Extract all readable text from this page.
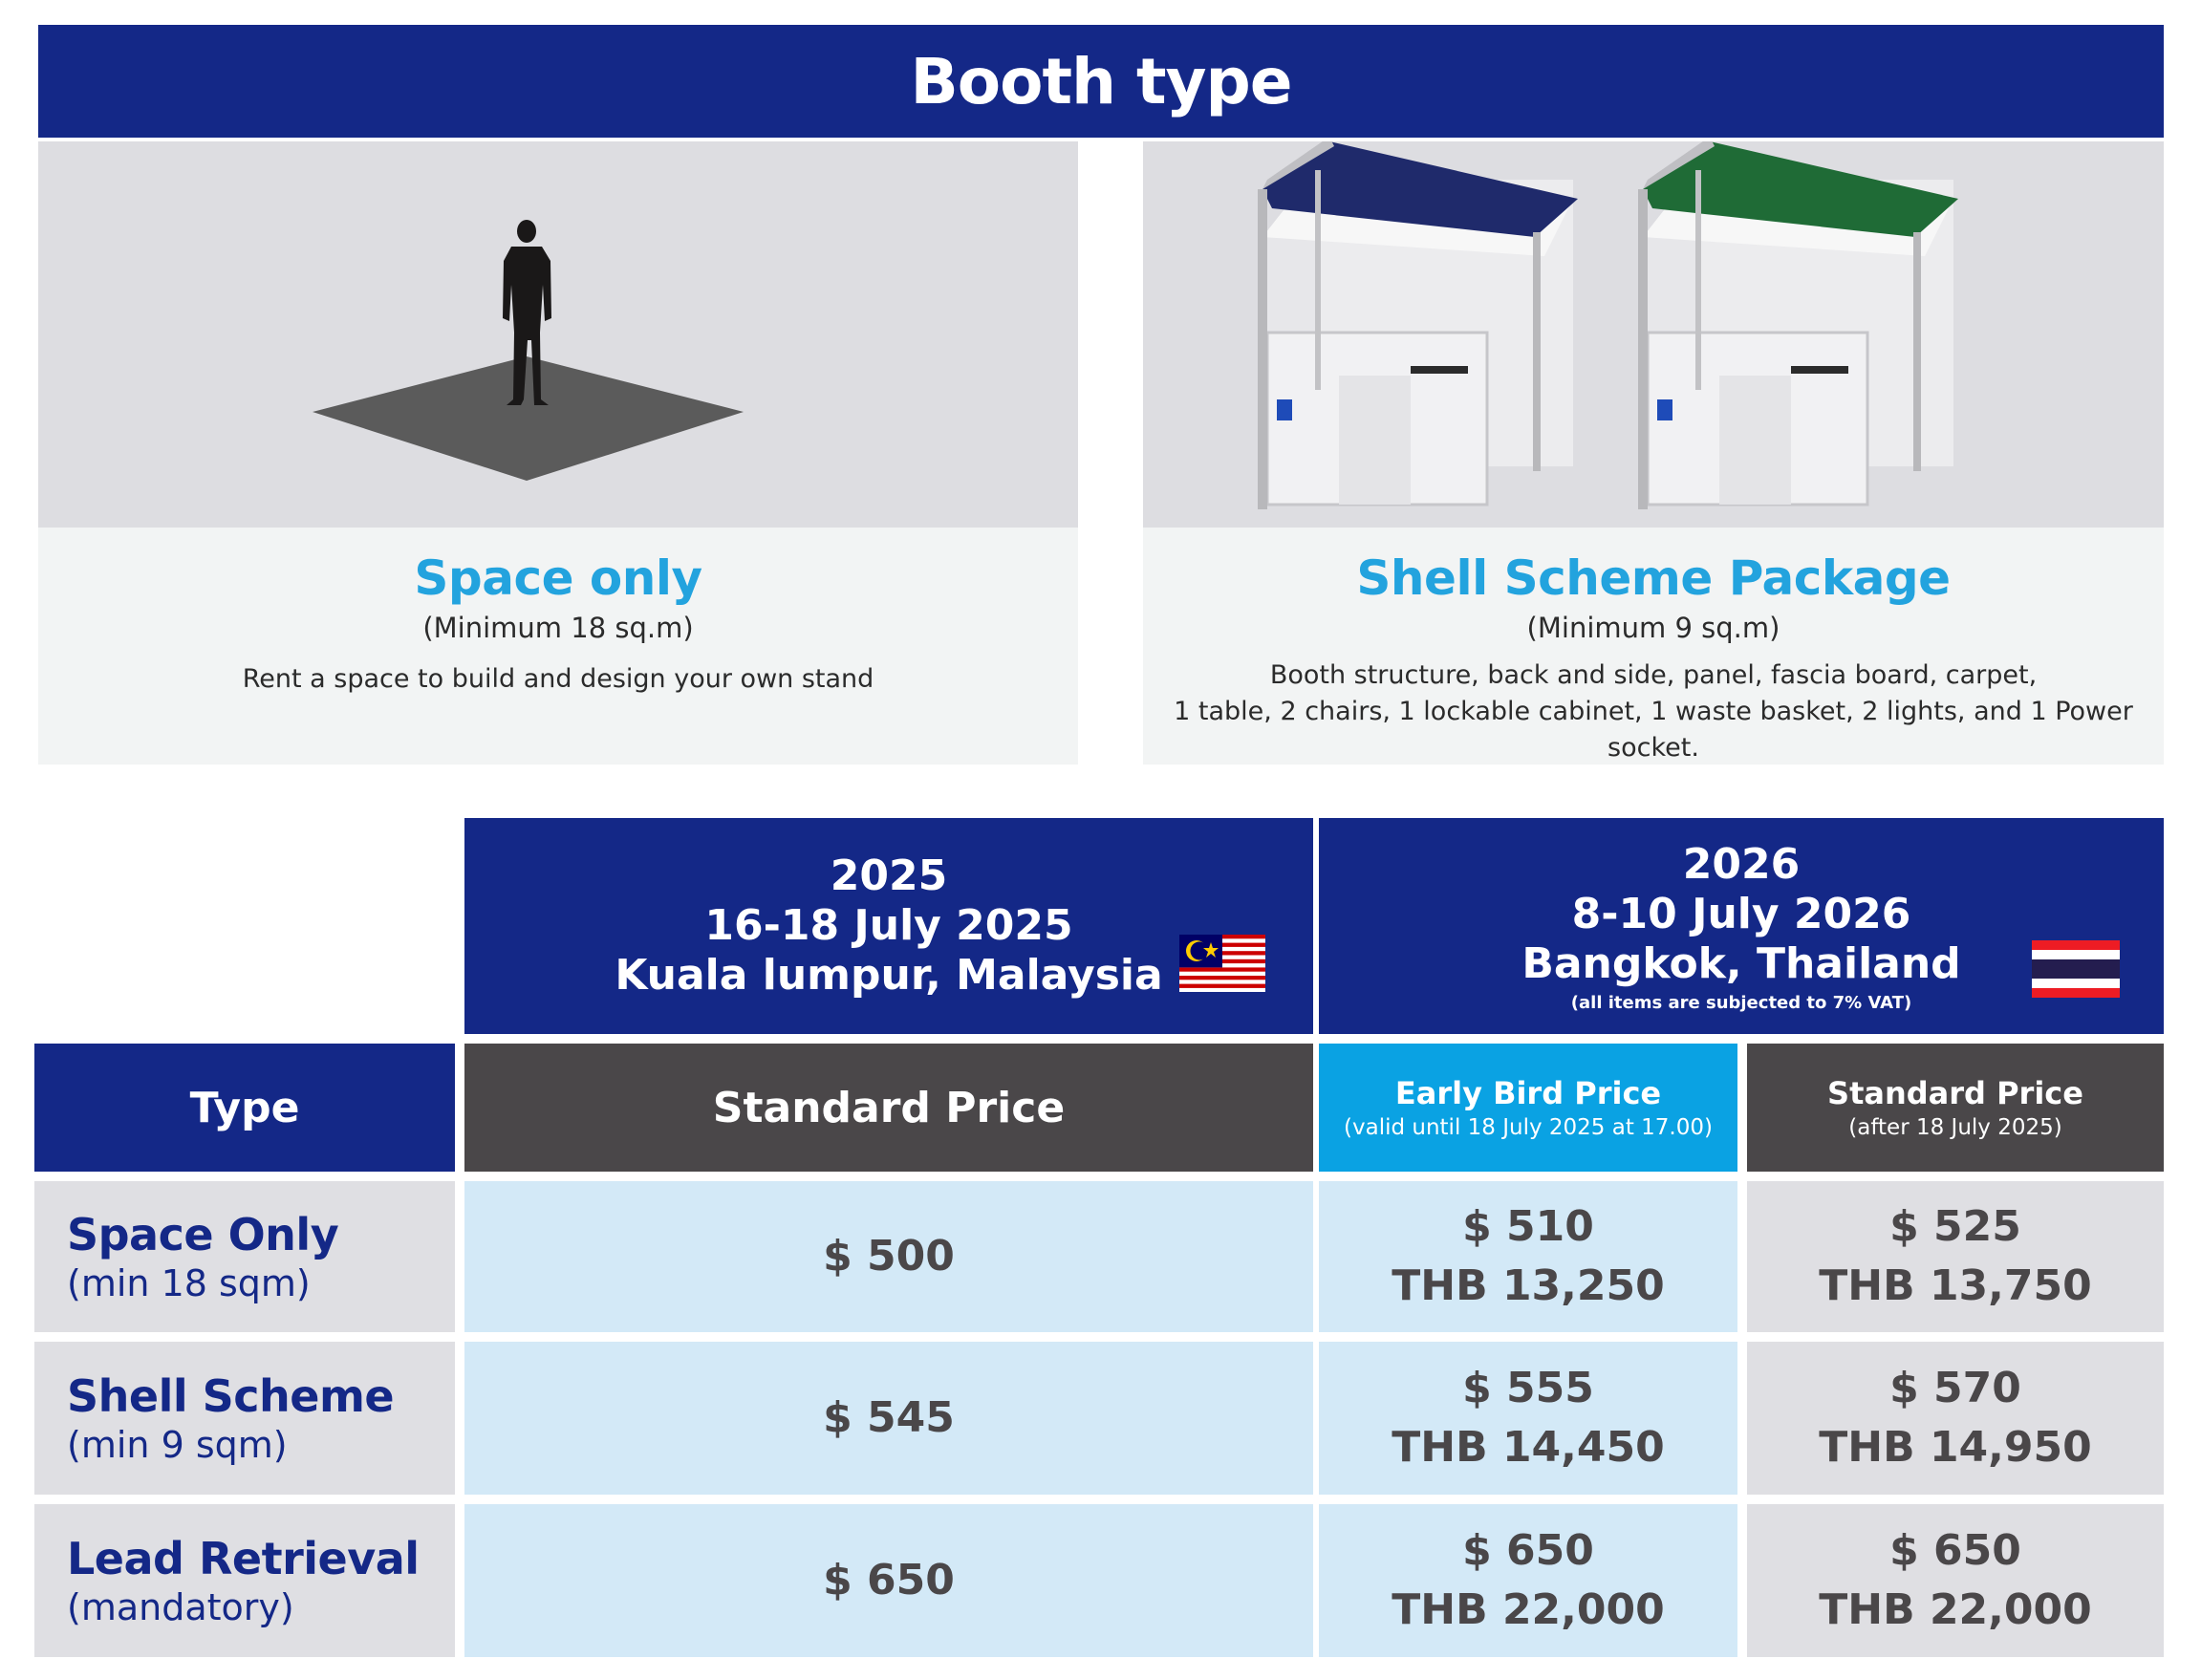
Booth type
Space only
(Minimum 18 sq.m)
Rent a space to build and design your own stand
Shell Scheme Package
(Minimum 9 sq.m)
Booth structure, back and side, panel, fascia board, carpet,
1 table, 2 chairs, 1 lockable cabinet, 1 waste basket, 2 lights, and 1 Power socket.
2025
16-18 July 2025
Kuala lumpur, Malaysia
2026
8-10 July 2026
Bangkok, Thailand
(all items are subjected to 7% VAT)
Type	Standard Price	Early Bird Price
(valid until 18 July 2025 at 17.00)
Standard Price
(after 18 July 2025)
Space Only
(min 18 sqm)
$ 500
$ 510
THB 13,250
$ 525
THB 13,750
Shell Scheme
(min 9 sqm)
$ 545
$ 555
THB 14,450
$ 570
THB 14,950
Lead Retrieval
(mandatory)
$ 650
$ 650
THB 22,000
$ 650
THB 22,000
